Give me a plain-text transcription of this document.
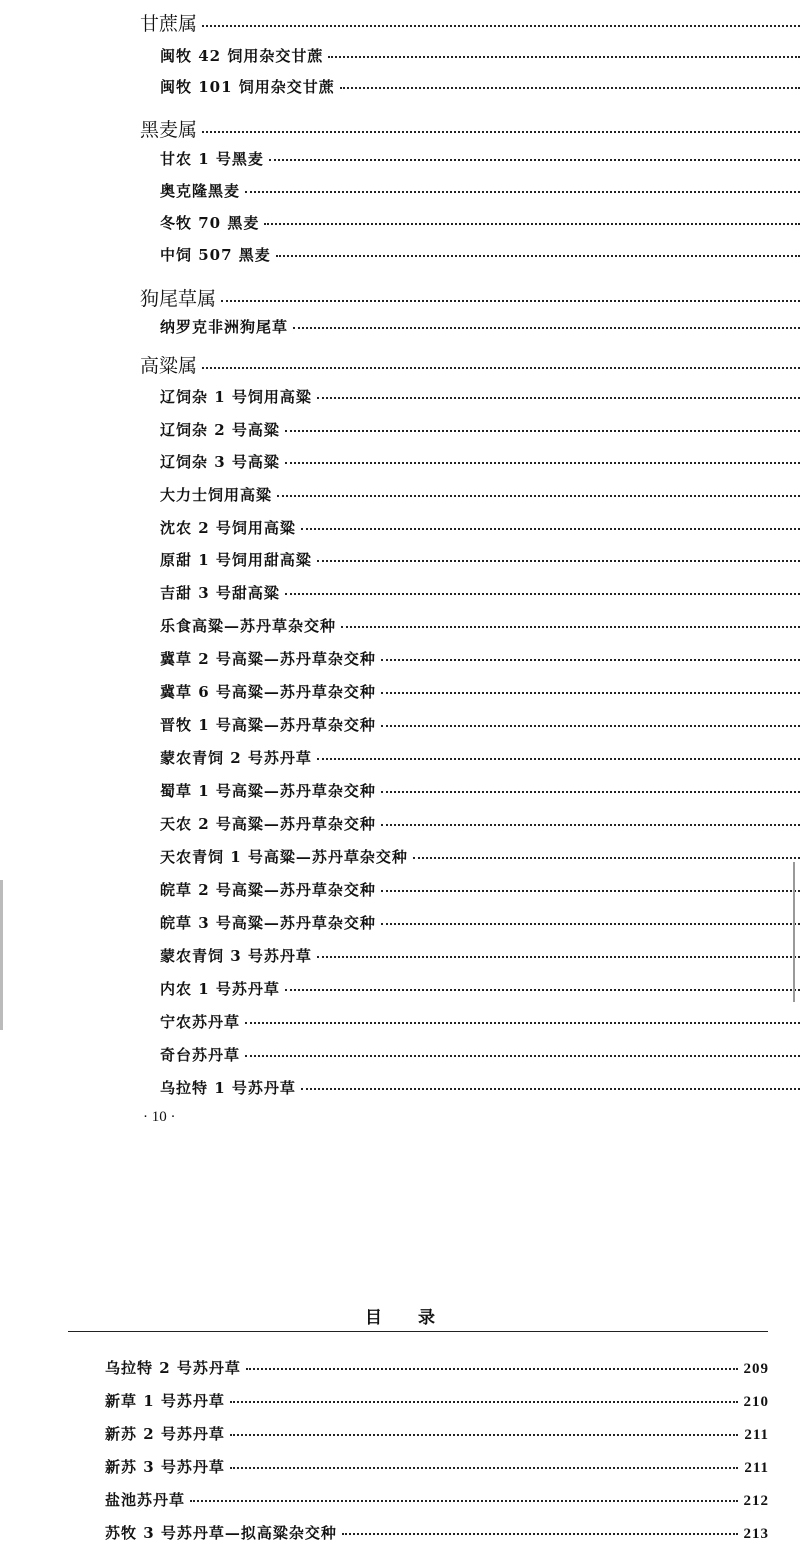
甘蔗属
闽牧 42 饲用杂交甘蔗
闽牧 101 饲用杂交甘蔗
黑麦属
甘农 1 号黑麦
奥克隆黑麦
冬牧 70 黑麦
中饲 507 黑麦
狗尾草属
纳罗克非洲狗尾草
高粱属
辽饲杂 1 号饲用高粱
辽饲杂 2 号高粱
辽饲杂 3 号高粱
大力士饲用高粱
沈农 2 号饲用高粱
原甜 1 号饲用甜高粱
吉甜 3 号甜高粱
乐食高粱—苏丹草杂交种
冀草 2 号高粱—苏丹草杂交种
冀草 6 号高粱—苏丹草杂交种
晋牧 1 号高粱—苏丹草杂交种
蒙农青饲 2 号苏丹草
蜀草 1 号高粱—苏丹草杂交种
天农 2 号高粱—苏丹草杂交种
天农青饲 1 号高粱—苏丹草杂交种
皖草 2 号高粱—苏丹草杂交种
皖草 3 号高粱—苏丹草杂交种
蒙农青饲 3 号苏丹草
内农 1 号苏丹草
宁农苏丹草
奇台苏丹草
乌拉特 1 号苏丹草
· 10 ·
目 录
乌拉特 2 号苏丹草	209
新草 1 号苏丹草	210
新苏 2 号苏丹草	211
新苏 3 号苏丹草	211
盐池苏丹草	212
苏牧 3 号苏丹草—拟高粱杂交种	213
